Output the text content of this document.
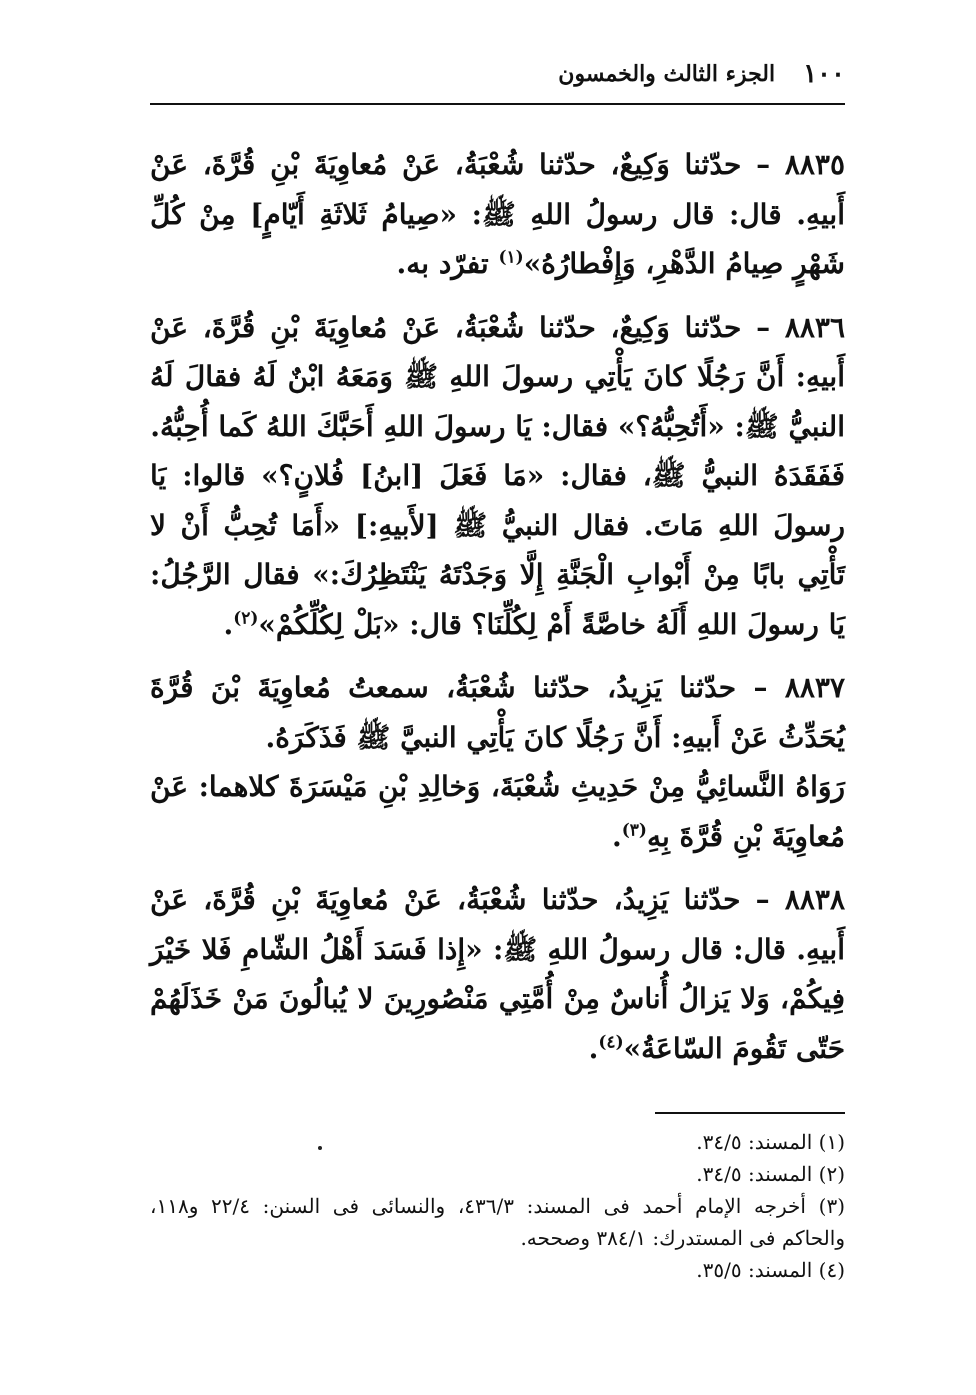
١٠٠
الجزء الثالث والخمسون

٨٨٣٥ – حدّثنا وَكِيعٌ، حدّثنا شُعْبَةُ، عَنْ مُعاوِيَةَ بْنِ قُرَّةَ، عَنْ أَبيهِ. قال: قال رسولُ اللهِ ﷺ: «صِيامُ ثَلاثَةِ أَيّامٍ] مِنْ كُلِّ شَهْرٍ صِيامُ الدَّهْرِ، وَإِفْطارُهُ»$^{(١)}$ تفرّد به.

٨٨٣٦ – حدّثنا وَكِيعٌ، حدّثنا شُعْبَةُ، عَنْ مُعاوِيَةَ بْنِ قُرَّةَ، عَنْ أَبيهِ: أَنَّ رَجُلًا كانَ يَأْتِي رسولَ اللهِ ﷺ وَمَعَهُ ابْنٌ لَهُ فقالَ لَهُ النبيُّ ﷺ: «أَتُحِبُّهُ؟» فقال: يَا رسولَ اللهِ أَحَبَّكَ اللهُ كَما أُحِبُّهُ.

فَفَقَدَهُ النبيُّ ﷺ، فقال: «مَا فَعَلَ [ابنُ] فُلانٍ؟» قالوا: يَا رسولَ اللهِ مَاتَ. فقال النبيُّ ﷺ [لأَبيهِ:] «أَمَا تُحِبُّ أَنْ لا تَأْتِي بابًا مِنْ أَبْوابِ الْجَنَّةِ إِلَّا وَجَدْتَهُ يَنْتَظِرُكَ:» فقال الرَّجُلُ: يَا رسولَ اللهِ أَلَهُ خاصَّةً أَمْ لِكُلِّنَا؟ قال: «بَلْ لِكُلِّكُمْ»$^{(٢)}$.

٨٨٣٧ – حدّثنا يَزِيدُ، حدّثنا شُعْبَةُ، سمعتُ مُعاوِيَةَ بْنَ قُرَّةَ يُحَدِّثُ عَنْ أَبيهِ: أَنَّ رَجُلًا كانَ يَأْتِي النبيَّ ﷺ فَذَكَرَهُ.

رَوَاهُ النَّسائِيُّ مِنْ حَدِيثِ شُعْبَةَ، وَخالِدِ بْنِ مَيْسَرَةَ كلاهما: عَنْ مُعاوِيَةَ بْنِ قُرَّةَ بِهِ$^{(٣)}$.

٨٨٣٨ – حدّثنا يَزِيدُ، حدّثنا شُعْبَةُ، عَنْ مُعاوِيَةَ بْنِ قُرَّةَ، عَنْ أَبيهِ. قال: قال رسولُ اللهِ ﷺ: «إِذا فَسَدَ أَهْلُ الشّامِ فَلا خَيْرَ فِيكُمْ، وَلا يَزالُ أُناسٌ مِنْ أُمَّتِي مَنْصُورِينَ لا يُبالُونَ مَنْ خَذَلَهُمْ حَتّى تَقُومَ السّاعَةُ»$^{(٤)}$.

(١) المسند: ٣٤/٥.

(٢) المسند: ٣٤/٥.

(٣) أخرجه الإمام أحمد فى المسند: ٤٣٦/٣، والنسائى فى السنن: ٢٢/٤ و١١٨، والحاكم فى المستدرك: ٣٨٤/١ وصححه.

(٤) المسند: ٣٥/٥.
